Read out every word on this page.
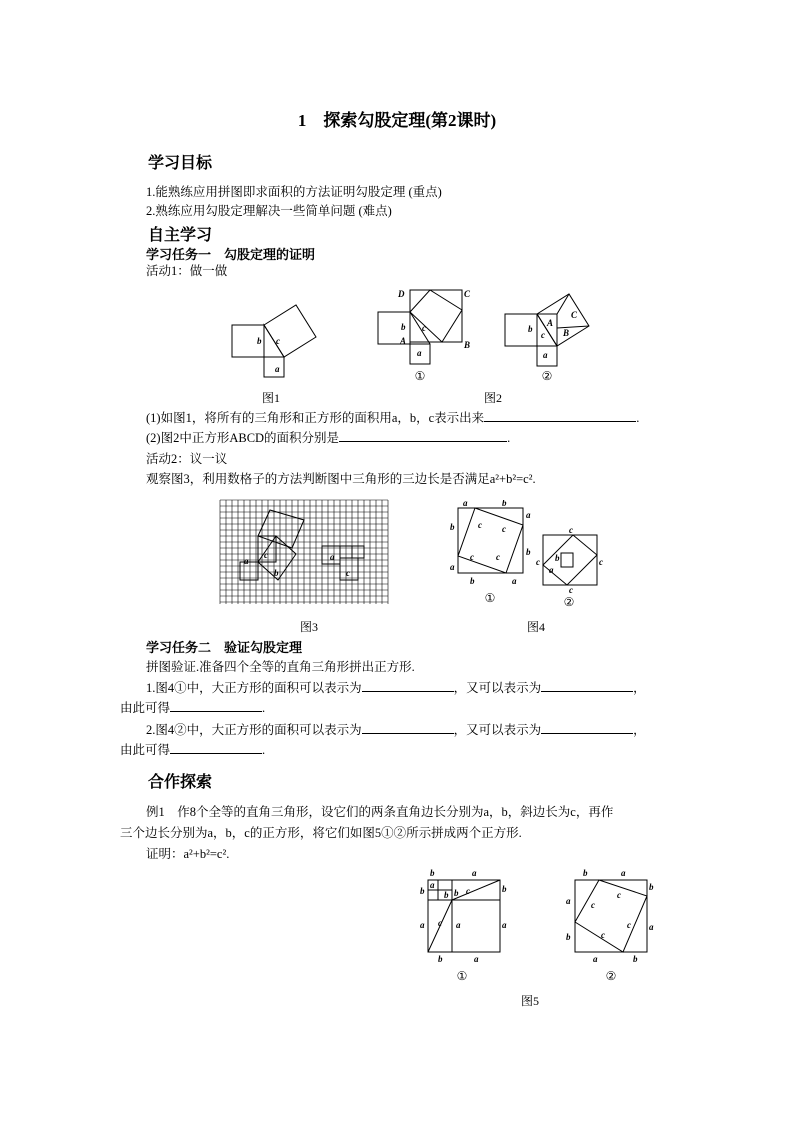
1　探索勾股定理(第2课时)
学习目标
1.能熟练应用拼图即求面积的方法证明勾股定理 (重点)
2.熟练应用勾股定理解决一些简单问题 (难点)
自主学习
学习任务一　勾股定理的证明
活动1：做一做
b
a
c
D	C
B
A
b c
a
①
C
A
B
b
c
a
②
图1	图2
(1)如图1，将所有的三角形和正方形的面积用a，b，c表示出来	.
(2)图2中正方形ABCD的面积分别是	.
活动2：议一议
观察图3，利用数格子的方法判断图中三角形的三边长是否满足a²+b²=c².
a
c
b
a
c
a	b
b
a
a
b
b	a
c c
c c
①
c
c	c
c
a
b
②
图3	图4
学习任务二　验证勾股定理
拼图验证.准备四个全等的直角三角形拼出正方形.
1.图4①中，大正方形的面积可以表示为	，又可以表示为	，
由此可得	.
2.图4②中，大正方形的面积可以表示为	，又可以表示为	，
由此可得	.
合作探索
例1　作8个全等的直角三角形，设它们的两条直角边长分别为a，b，斜边长为c，再作
三个边长分别为a，b，c的正方形，将它们如图5①②所示拼成两个正方形.
证明：a²+b²=c².
b	a
b
a
b
a
b	a
a
b b c
c a
①
b	a
a
b
b
a
a	b
c
c
c
c
②
图5
